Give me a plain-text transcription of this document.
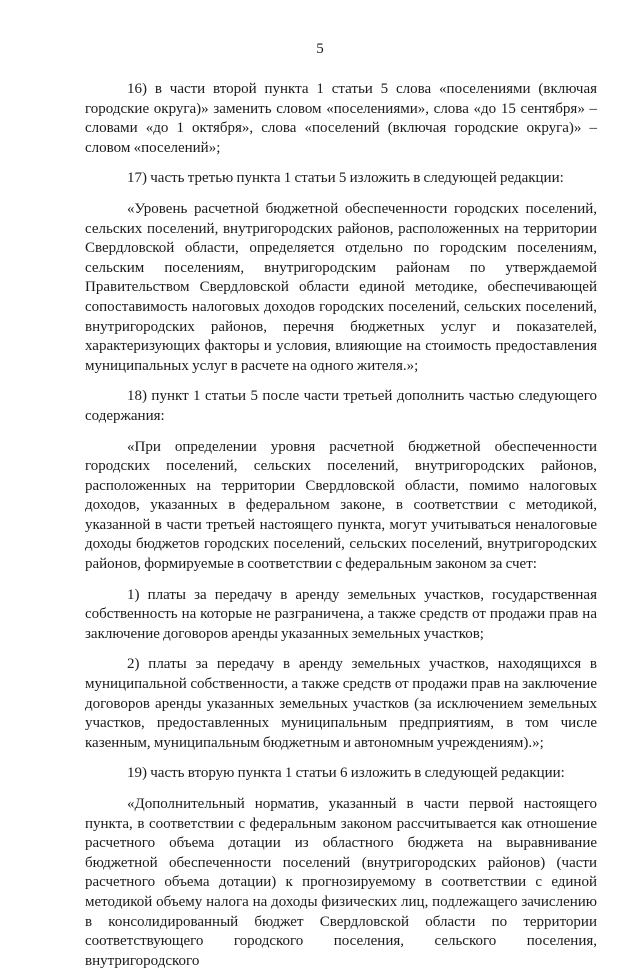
5

16) в части второй пункта 1 статьи 5 слова «поселениями (включая городские округа)» заменить словом «поселениями», слова «до 15 сентября» – словами «до 1 октября», слова «поселений (включая городские округа)» – словом «поселений»;

17) часть третью пункта 1 статьи 5 изложить в следующей редакции:

«Уровень расчетной бюджетной обеспеченности городских поселений, сельских поселений, внутригородских районов, расположенных на территории Свердловской области, определяется отдельно по городским поселениям, сельским поселениям, внутригородским районам по утверждаемой Правительством Свердловской области единой методике, обеспечивающей сопоставимость налоговых доходов городских поселений, сельских поселений, внутригородских районов, перечня бюджетных услуг и показателей, характеризующих факторы и условия, влияющие на стоимость предоставления муниципальных услуг в расчете на одного жителя.»;

18) пункт 1 статьи 5 после части третьей дополнить частью следующего содержания:

«При определении уровня расчетной бюджетной обеспеченности городских поселений, сельских поселений, внутригородских районов, расположенных на территории Свердловской области, помимо налоговых доходов, указанных в федеральном законе, в соответствии с методикой, указанной в части третьей настоящего пункта, могут учитываться неналоговые доходы бюджетов городских поселений, сельских поселений, внутригородских районов, формируемые в соответствии с федеральным законом за счет:

1) платы за передачу в аренду земельных участков, государственная собственность на которые не разграничена, а также средств от продажи прав на заключение договоров аренды указанных земельных участков;

2) платы за передачу в аренду земельных участков, находящихся в муниципальной собственности, а также средств от продажи прав на заключение договоров аренды указанных земельных участков (за исключением земельных участков, предоставленных муниципальным предприятиям, в том числе казенным, муниципальным бюджетным и автономным учреждениям).»;

19) часть вторую пункта 1 статьи 6 изложить в следующей редакции:

«Дополнительный норматив, указанный в части первой настоящего пункта, в соответствии с федеральным законом рассчитывается как отношение расчетного объема дотации из областного бюджета на выравнивание бюджетной обеспеченности поселений (внутригородских районов) (части расчетного объема дотации) к прогнозируемому в соответствии с единой методикой объему налога на доходы физических лиц, подлежащего зачислению в консолидированный бюджет Свердловской области по территории соответствующего городского поселения, сельского поселения, внутригородского
